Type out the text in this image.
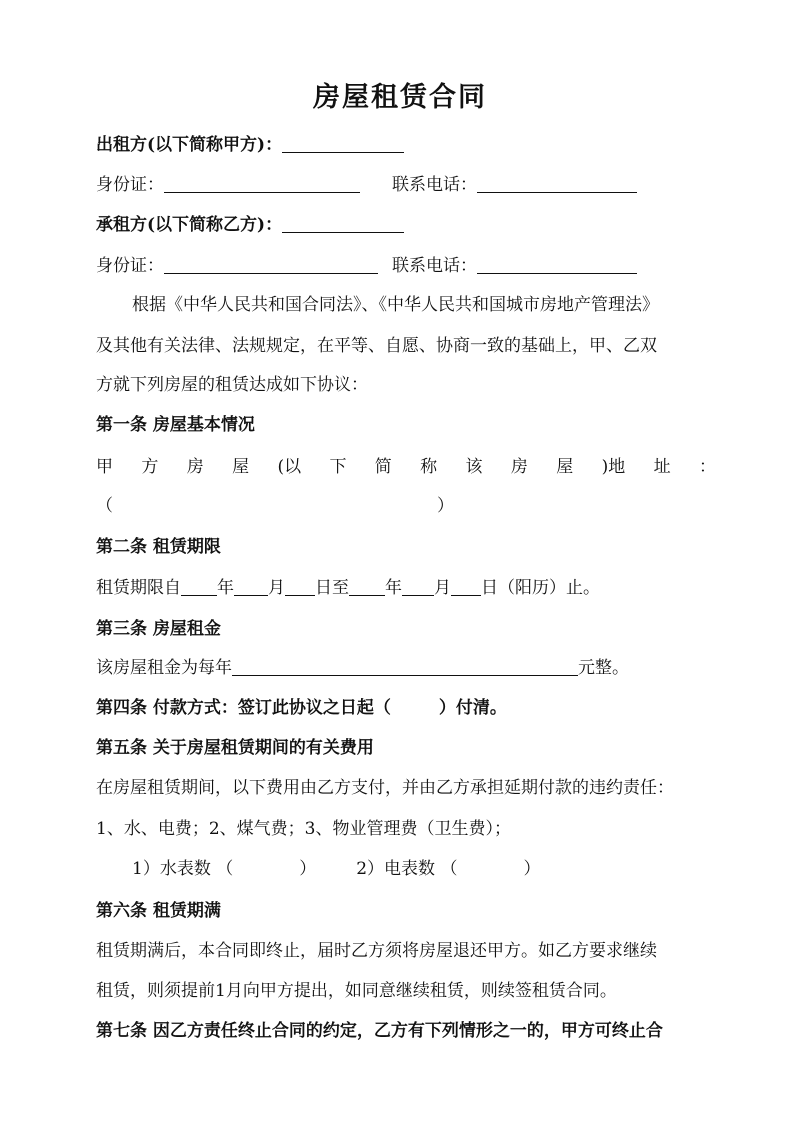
房屋租赁合同
出租方(以下简称甲方)：
身份证：	联系电话：
承租方(以下简称乙方)：
身份证：	联系电话：
根据《中华人民共和国合同法》、《中华人民共和国城市房地产管理法》
及其他有关法律、法规规定，在平等、自愿、协商一致的基础上，甲、乙双
方就下列房屋的租赁达成如下协议：
第一条 房屋基本情况
甲 方 房 屋 (以 下 简 称 该 房 屋 )地 址 ：
（	）
第二条 租赁期限
租赁期限自 年 月 日至 年 月 日（阳历）止。
第三条 房屋租金
该房屋租金为每年	元整。
第四条 付款方式：签订此协议之日起（	）付清。
第五条 关于房屋租赁期间的有关费用
在房屋租赁期间，以下费用由乙方支付，并由乙方承担延期付款的违约责任：
1、水、电费；2、煤气费；3、物业管理费（卫生费）；
1）水表数 （	） 2）电表数 （	）
第六条 租赁期满
租赁期满后，本合同即终止，届时乙方须将房屋退还甲方。如乙方要求继续
租赁，则须提前1月向甲方提出，如同意继续租赁，则续签租赁合同。
第七条 因乙方责任终止合同的约定，乙方有下列情形之一的，甲方可终止合
